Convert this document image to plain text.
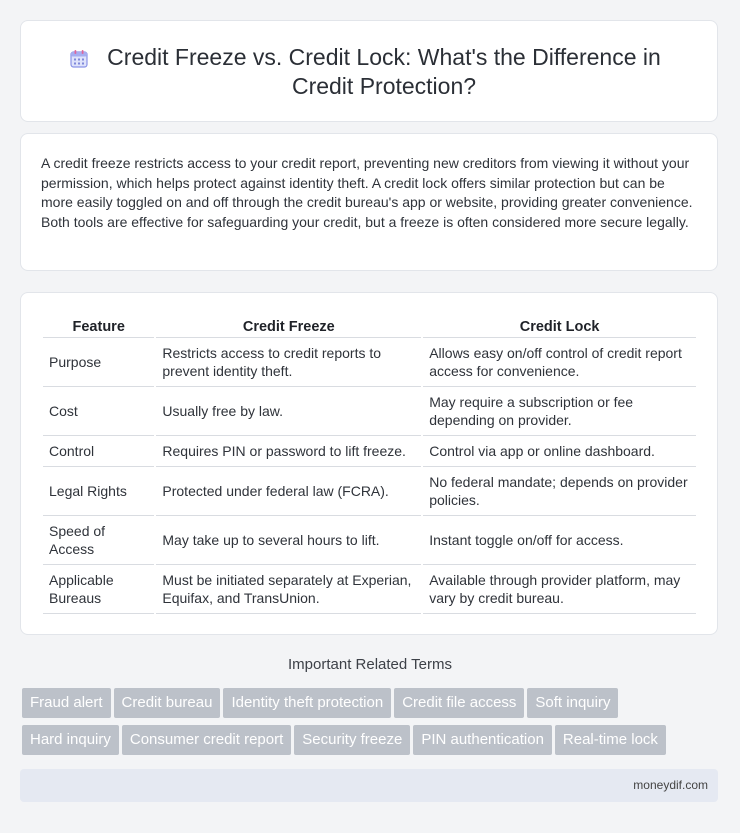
Credit Freeze vs. Credit Lock: What's the Difference in Credit Protection?
A credit freeze restricts access to your credit report, preventing new creditors from viewing it without your permission, which helps protect against identity theft. A credit lock offers similar protection but can be more easily toggled on and off through the credit bureau's app or website, providing greater convenience. Both tools are effective for safeguarding your credit, but a freeze is often considered more secure legally.
Feature	Credit Freeze	Credit Lock
Purpose	Restricts access to credit reports to prevent identity theft.	Allows easy on/off control of credit report access for convenience.
Cost	Usually free by law.	May require a subscription or fee depending on provider.
Control	Requires PIN or password to lift freeze.	Control via app or online dashboard.
Legal Rights	Protected under federal law (FCRA).	No federal mandate; depends on provider policies.
Speed of Access	May take up to several hours to lift.	Instant toggle on/off for access.
Applicable Bureaus	Must be initiated separately at Experian, Equifax, and TransUnion.	Available through provider platform, may vary by credit bureau.
Important Related Terms
Fraud alert Credit bureau Identity theft protection Credit file access Soft inquiry
Hard inquiry Consumer credit report Security freeze PIN authentication Real-time lock
moneydif.com
